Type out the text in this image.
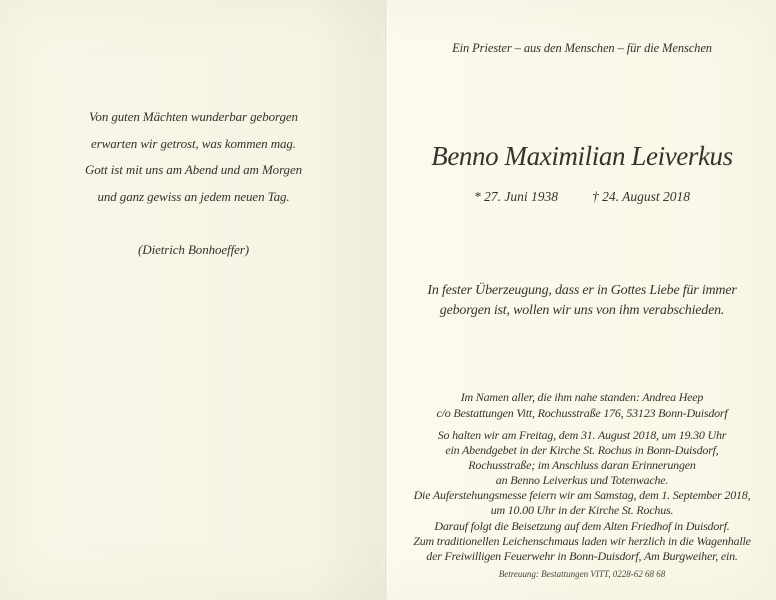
Von guten Mächten wunderbar geborgen
erwarten wir getrost, was kommen mag.
Gott ist mit uns am Abend und am Morgen
und ganz gewiss an jedem neuen Tag.
(Dietrich Bonhoeffer)
Ein Priester – aus den Menschen – für die Menschen
Benno Maximilian Leiverkus
* 27. Juni 1938	† 24. August 2018
In fester Überzeugung, dass er in Gottes Liebe für immer
geborgen ist, wollen wir uns von ihm verabschieden.
Im Namen aller, die ihm nahe standen: Andrea Heep
c/o Bestattungen Vitt, Rochusstraße 176, 53123 Bonn-Duisdorf
So halten wir am Freitag, dem 31. August 2018, um 19.30 Uhr
ein Abendgebet in der Kirche St. Rochus in Bonn-Duisdorf,
Rochusstraße; im Anschluss daran Erinnerungen
an Benno Leiverkus und Totenwache.
Die Auferstehungsmesse feiern wir am Samstag, dem 1. September 2018,
um 10.00 Uhr in der Kirche St. Rochus.
Darauf folgt die Beisetzung auf dem Alten Friedhof in Duisdorf.
Zum traditionellen Leichenschmaus laden wir herzlich in die Wagenhalle
der Freiwilligen Feuerwehr in Bonn-Duisdorf, Am Burgweiher, ein.
Betreuung: Bestattungen VITT, 0228-62 68 68
